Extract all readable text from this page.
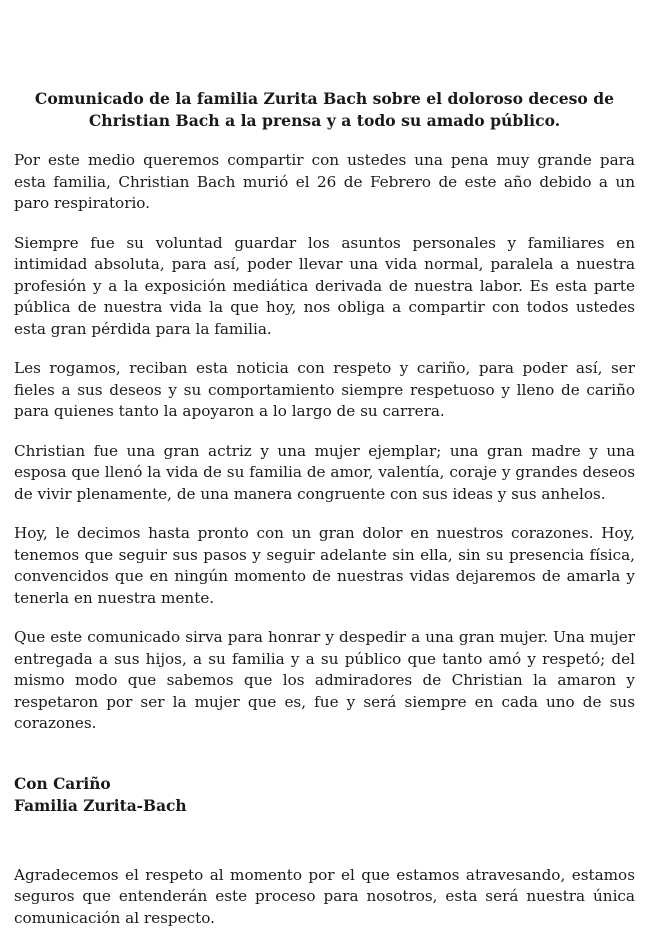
Comunicado de la familia Zurita Bach sobre el doloroso deceso de
Christian Bach a la prensa y a todo su amado público.

Por este medio queremos compartir con ustedes una pena muy grande para esta familia, Christian Bach murió el 26 de Febrero de este año debido a un paro respiratorio.

Siempre fue su voluntad guardar los asuntos personales y familiares en intimidad absoluta, para así, poder llevar una vida normal, paralela a nuestra profesión y a la exposición mediática derivada de nuestra labor. Es esta parte pública de nuestra vida la que hoy, nos obliga a compartir con todos ustedes esta gran pérdida para la familia.

Les rogamos, reciban esta noticia con respeto y cariño, para poder así, ser fieles a sus deseos y su comportamiento siempre respetuoso y lleno de cariño para quienes tanto la apoyaron a lo largo de su carrera.

Christian fue una gran actriz y una mujer ejemplar; una gran madre y una esposa que llenó la vida de su familia de amor, valentía, coraje y grandes deseos de vivir plenamente, de una manera congruente con sus ideas y sus anhelos.

Hoy, le decimos hasta pronto con un gran dolor en nuestros corazones. Hoy, tenemos que seguir sus pasos y seguir adelante sin ella, sin su presencia física, convencidos que en ningún momento de nuestras vidas dejaremos de amarla y tenerla en nuestra mente.

Que este comunicado sirva para honrar y despedir a una gran mujer. Una mujer entregada a sus hijos, a su familia y a su público que tanto amó y respetó; del mismo modo que sabemos que los admiradores de Christian la amaron y respetaron por ser la mujer que es, fue y será siempre en cada uno de sus corazones.

Con Cariño
Familia Zurita-Bach

Agradecemos el respeto al momento por el que estamos atravesando, estamos seguros que entenderán este proceso para nosotros, esta será nuestra única comunicación al respecto.
